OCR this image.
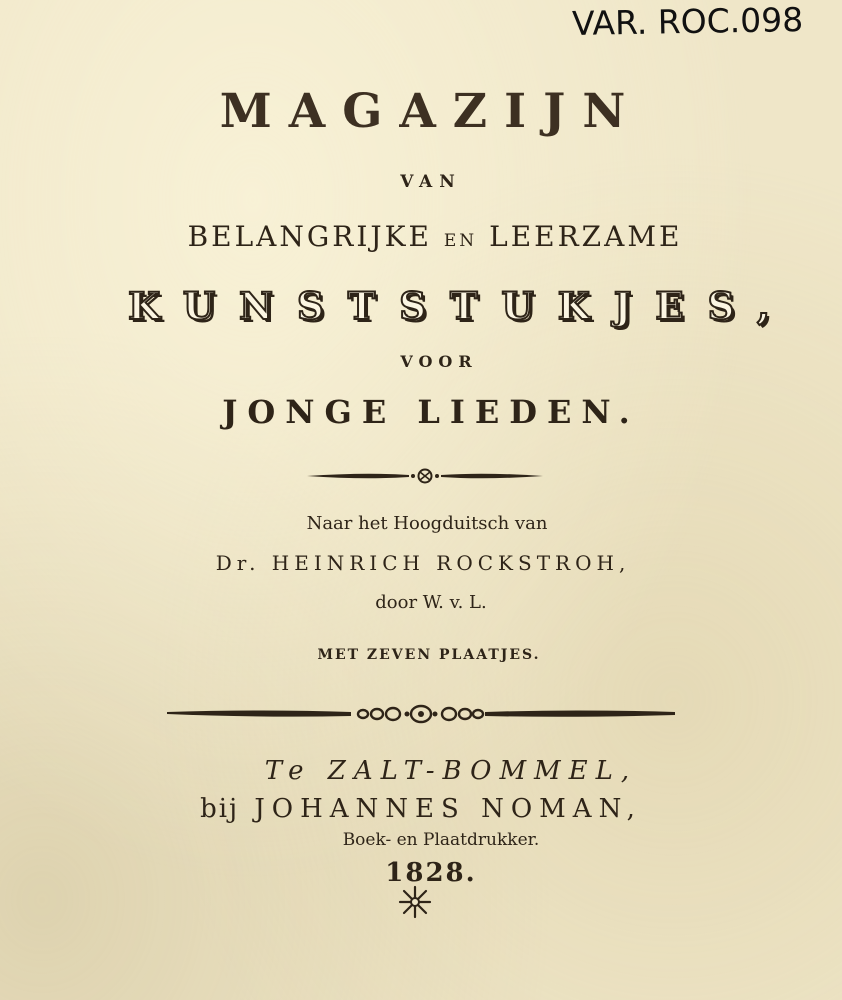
VAR. ROC.098
MAGAZIJN
VAN
BELANGRIJKE EN LEERZAME
KUNSTSTUKJES,
VOOR
JONGE LIEDEN.
Naar het Hoogduitsch van
Dr. HEINRICH ROCKSTROH,
door W. v. L.
MET ZEVEN PLAATJES.
Te ZALT-BOMMEL,
bij JOHANNES NOMAN,
Boek- en Plaatdrukker.
1828.
